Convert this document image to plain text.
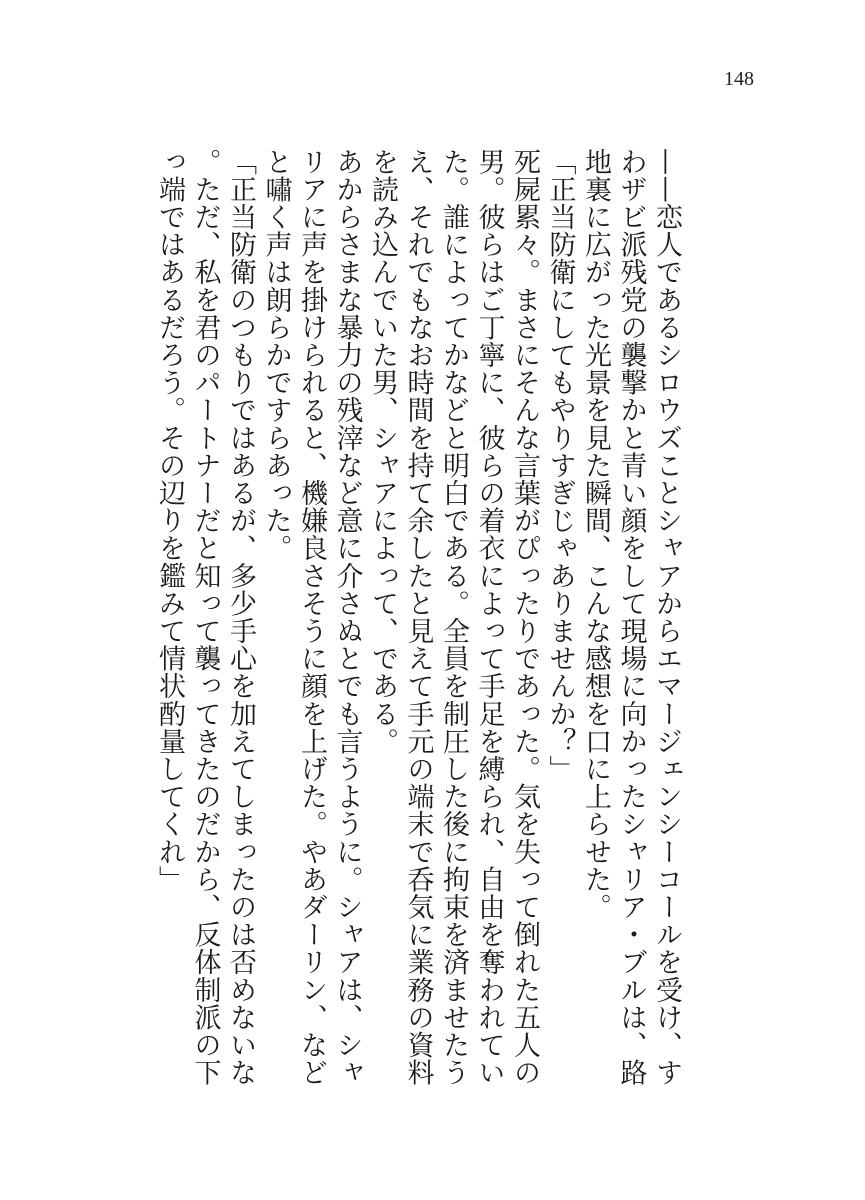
148

——恋人であるシロウズことシャアからエマージェンシーコールを受け、すわザビ派残党の襲撃かと青い顔をして現場に向かったシャリア・ブルは、路地裏に広がった光景を見た瞬間、こんな感想を口に上らせた。

「正当防衛にしてもやりすぎじゃありませんか？」

死屍累々。まさにそんな言葉がぴったりであった。気を失って倒れた五人の男。彼らはご丁寧に、彼らの着衣によって手足を縛られ、自由を奪われていた。誰によってかなどと明白である。全員を制圧した後に拘束を済ませたうえ、それでもなお時間を持て余したと見えて手元の端末で呑気に業務の資料を読み込んでいた男、シャアによって、である。

あからさまな暴力の残滓など意に介さぬとでも言うように。シャアは、シャリアに声を掛けられると、機嫌良さそうに顔を上げた。やあダーリン、などと嘯く声は朗らかですらあった。

「正当防衛のつもりではあるが、多少手心を加えてしまったのは否めないな。ただ、私を君のパートナーだと知って襲ってきたのだから、反体制派の下っ端ではあるだろう。その辺りを鑑みて情状酌量してくれ」
